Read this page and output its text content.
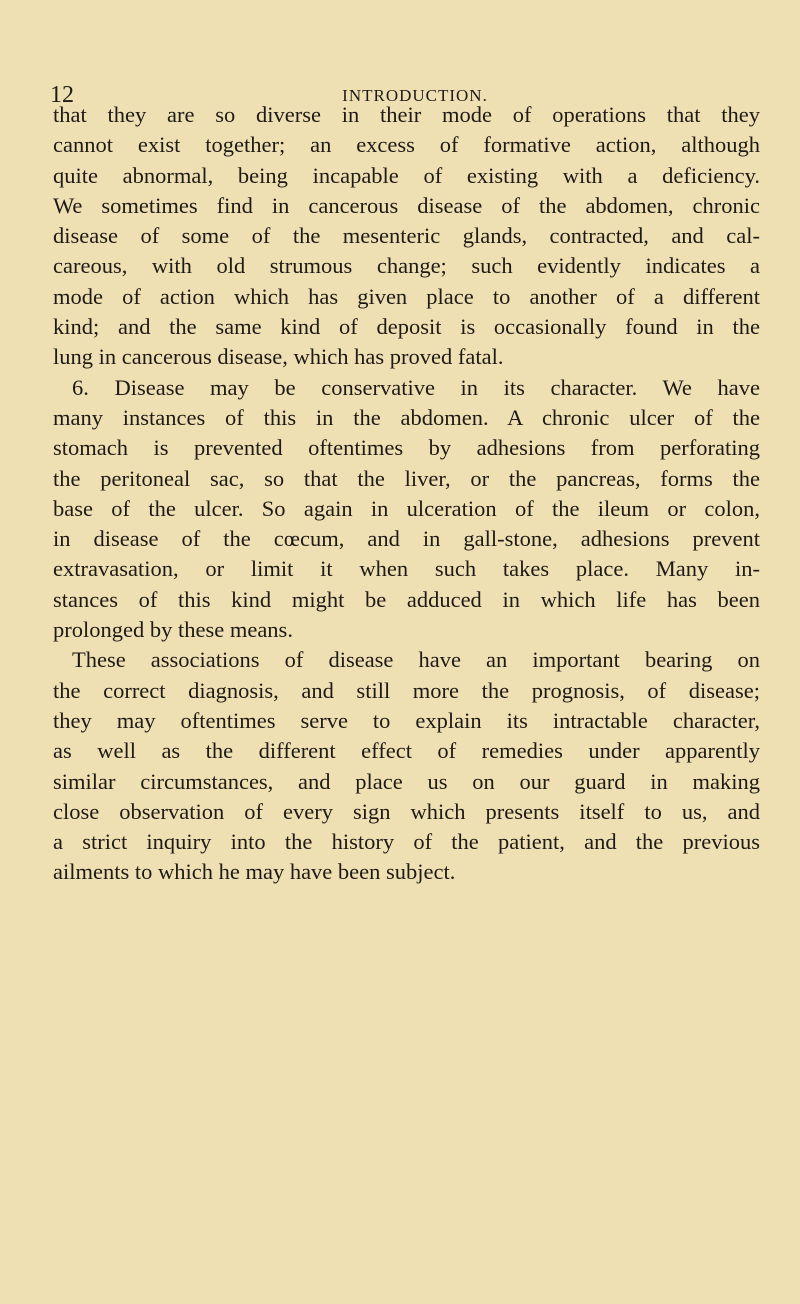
12	INTRODUCTION.
that they are so diverse in their mode of operations that they
cannot exist together; an excess of formative action, although
quite abnormal, being incapable of existing with a deficiency.
We sometimes find in cancerous disease of the abdomen, chronic
disease of some of the mesenteric glands, contracted, and cal-
careous, with old strumous change; such evidently indicates a
mode of action which has given place to another of a different
kind; and the same kind of deposit is occasionally found in the
lung in cancerous disease, which has proved fatal.
6. Disease may be conservative in its character. We have
many instances of this in the abdomen. A chronic ulcer of the
stomach is prevented oftentimes by adhesions from perforating
the peritoneal sac, so that the liver, or the pancreas, forms the
base of the ulcer. So again in ulceration of the ileum or colon,
in disease of the cœcum, and in gall-stone, adhesions prevent
extravasation, or limit it when such takes place. Many in-
stances of this kind might be adduced in which life has been
prolonged by these means.
These associations of disease have an important bearing on
the correct diagnosis, and still more the prognosis, of disease;
they may oftentimes serve to explain its intractable character,
as well as the different effect of remedies under apparently
similar circumstances, and place us on our guard in making
close observation of every sign which presents itself to us, and
a strict inquiry into the history of the patient, and the previous
ailments to which he may have been subject.
